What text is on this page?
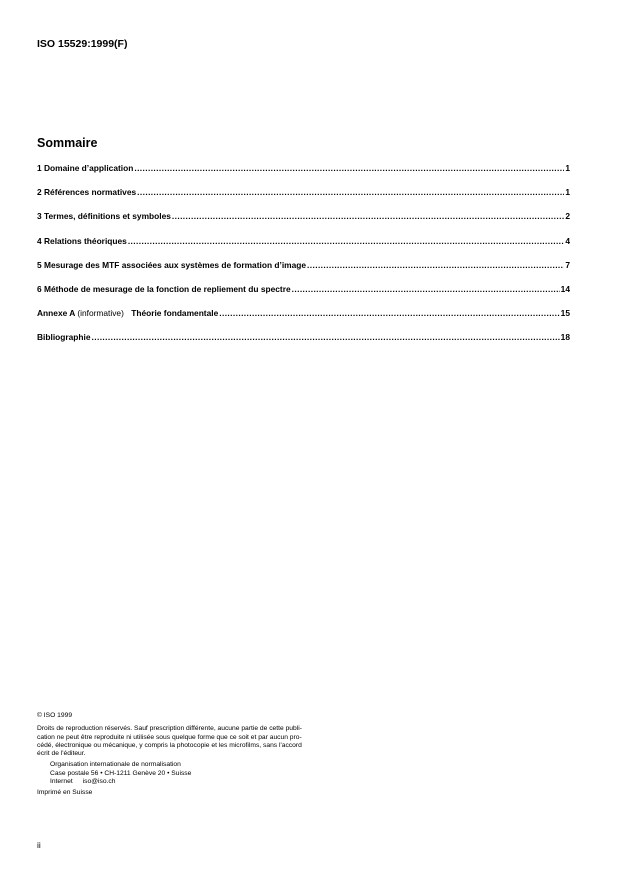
ISO 15529:1999(F)
Sommaire
1 Domaine d’application .....	1
2 Références normatives .....	1
3 Termes, définitions et symboles .....	2
4 Relations théoriques .....	4
5 Mesurage des MTF associées aux systèmes de formation d’image .....	7
6 Méthode de mesurage de la fonction de repliement du spectre .....	14
Annexe A (informative) Théorie fondamentale .....	15
Bibliographie .....	18
© ISO 1999
Droits de reproduction réservés. Sauf prescription différente, aucune partie de cette publi-
cation ne peut être reproduite ni utilisée sous quelque forme que ce soit et par aucun pro-
cédé, électronique ou mécanique, y compris la photocopie et les microfilms, sans l'accord
écrit de l'éditeur.
Organisation internationale de normalisation
Case postale 56 • CH-1211 Genève 20 • Suisse
Internet iso@iso.ch
Imprimé en Suisse
ii
